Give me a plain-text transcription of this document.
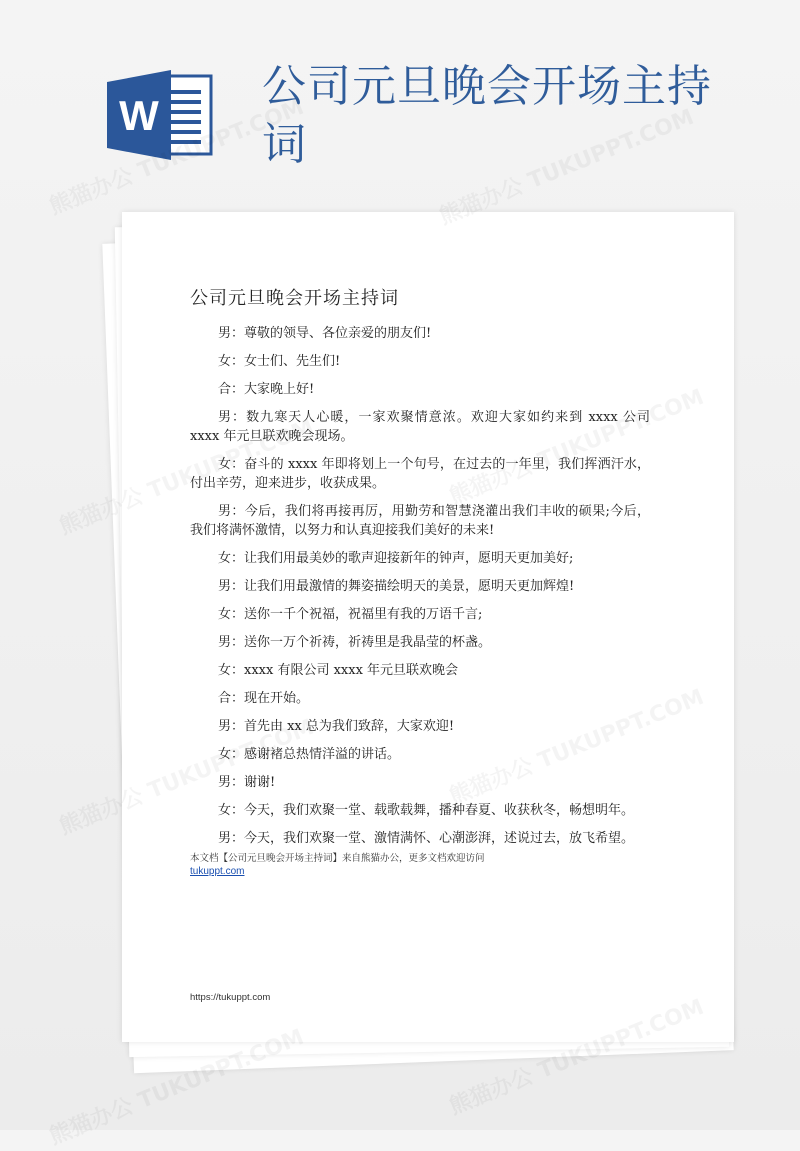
W
公司元旦晚会开场主持词
公司元旦晚会开场主持词

男：尊敬的领导、各位亲爱的朋友们!

女：女士们、先生们!

合：大家晚上好!

男：数九寒天人心暖，一家欢聚情意浓。欢迎大家如约来到 xxxx 公司 xxxx 年元旦联欢晚会现场。

女：奋斗的 xxxx 年即将划上一个句号，在过去的一年里，我们挥洒汗水，付出辛劳，迎来进步，收获成果。

男：今后，我们将再接再厉，用勤劳和智慧浇灌出我们丰收的硕果;今后，我们将满怀激情，以努力和认真迎接我们美好的未来!

女：让我们用最美妙的歌声迎接新年的钟声，愿明天更加美好;

男：让我们用最激情的舞姿描绘明天的美景，愿明天更加辉煌!

女：送你一千个祝福，祝福里有我的万语千言;

男：送你一万个祈祷，祈祷里是我晶莹的杯盏。

女：xxxx 有限公司 xxxx 年元旦联欢晚会

合：现在开始。

男：首先由 xx 总为我们致辞，大家欢迎!

女：感谢褚总热情洋溢的讲话。

男：谢谢!

女：今天，我们欢聚一堂、载歌载舞，播种春夏、收获秋冬，畅想明年。

男：今天，我们欢聚一堂、激情满怀、心潮澎湃，述说过去，放飞希望。

本文档【公司元旦晚会开场主持词】来自熊猫办公，更多文档欢迎访问
tukuppt.com
https://tukuppt.com
